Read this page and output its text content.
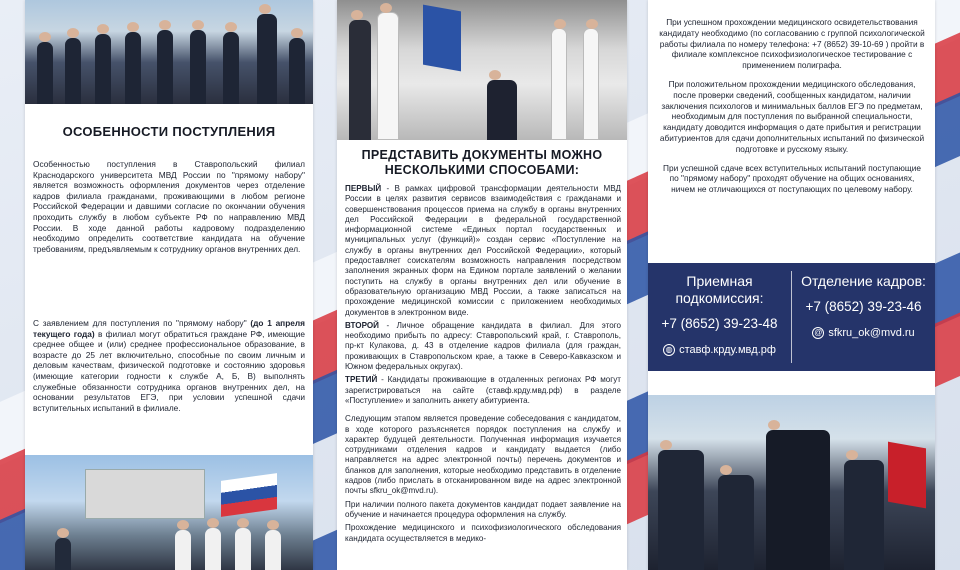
ОСОБЕННОСТИ ПОСТУПЛЕНИЯ
Особенностью поступления в Ставропольский филиал Краснодарского университета МВД России по "прямому набору" является возможность оформления документов через отделение кадров филиала гражданами, проживающими в любом регионе Российской Федерации и давшими согласие по окончании обучения проходить службу в любом субъекте РФ по направлению МВД России. В ходе данной работы кадровому подразделению необходимо определить соответствие кандидата на обучение требованиям, предъявляемым к сотруднику органов внутренних дел.
С заявлением для поступления по "прямому набору" (до 1 апреля текущего года) в филиал могут обратиться граждане РФ, имеющие среднее общее и (или) среднее профессиональное образование, в возрасте до 25 лет включительно, способные по своим личным и деловым качествам, физической подготовке и состоянию здоровья (имеющие категории годности к службе А, Б, В) выполнять служебные обязанности сотрудника органов внутренних дел, на основании результатов ЕГЭ, при условии успешной сдачи вступительных испытаний в филиале.
ПРЕДСТАВИТЬ ДОКУМЕНТЫ МОЖНО НЕСКОЛЬКИМИ СПОСОБАМИ:

ПЕРВЫЙ - В рамках цифровой трансформации деятельности МВД России в целях развития сервисов взаимодействия с гражданами и совершенствования процессов приема на службу в органы внутренних дел Российской Федерации в федеральной государственной информационной системе «Единых портал государственных и муниципальных услуг (функций)» создан сервис «Поступление на службу в органы внутренних дел Российской Федерации», который предоставляет соискателям возможность направления посредством заполнения экранных форм на Едином портале заявлений о желании поступить на службу в органы внутренних дел или обучение в образовательную организацию МВД России, а также записаться на прохождение медицинской комиссии с приложением необходимых документов в электронном виде.

ВТОРОЙ - Личное обращение кандидата в филиал. Для этого необходимо прибыть по адресу: Ставропольский край, г. Ставрополь, пр-кт Кулакова, д. 43 в отделение кадров филиала (для граждан, проживающих в Ставропольском крае, а также в Северо-Кавказском и Южном федеральных округах).

ТРЕТИЙ - Кандидаты проживающие в отдаленных регионах РФ могут зарегистрироваться на сайте (ставф.крду.мвд.рф) в разделе «Поступление» и заполнить анкету абитуриента.

Следующим этапом является проведение собеседования с кандидатом, в ходе которого разъясняется порядок поступления на службу и характер будущей деятельности. Полученная информация изучается сотрудниками отделения кадров и кандидату выдается (либо направляется на адрес электронной почты) перечень документов и бланков для заполнения, которые необходимо представить в отделение кадров (либо прислать в отсканированном виде на адрес электронной почты sfkru_ok@mvd.ru).

При наличии полного пакета документов кандидат подает заявление на обучение и начинается процедура оформления на службу.

Прохождение медицинского и психофизиологического обследования кандидата осуществляется в медико-

При успешном прохождении медицинского освидетельствования кандидату необходимо (по согласованию с группой психологической работы филиала по номеру телефона: +7 (8652) 39-10-69 ) пройти в филиале комплексное психофизиологическое тестирование с применением полиграфа.

При положительном прохождении медицинского обследования, после проверки сведений, сообщенных кандидатом, наличии заключения психологов и минимальных баллов ЕГЭ по предметам, необходимым для поступления по выбранной специальности, кандидату доводится информация о дате прибытия и регистрации абитуриентов для сдачи дополнительных испытаний по физической подготовке и русскому языку.

При успешной сдаче всех вступительных испытаний поступающие по "прямому набору" проходят обучение на общих основаниях, ничем не отличающихся от поступающих по целевому набору.

Приемная подкомиссия:
+7 (8652) 39-23-48
◍ ставф.крду.мвд.рф
Отделение кадров:
+7 (8652) 39-23-46
@ sfkru_ok@mvd.ru
